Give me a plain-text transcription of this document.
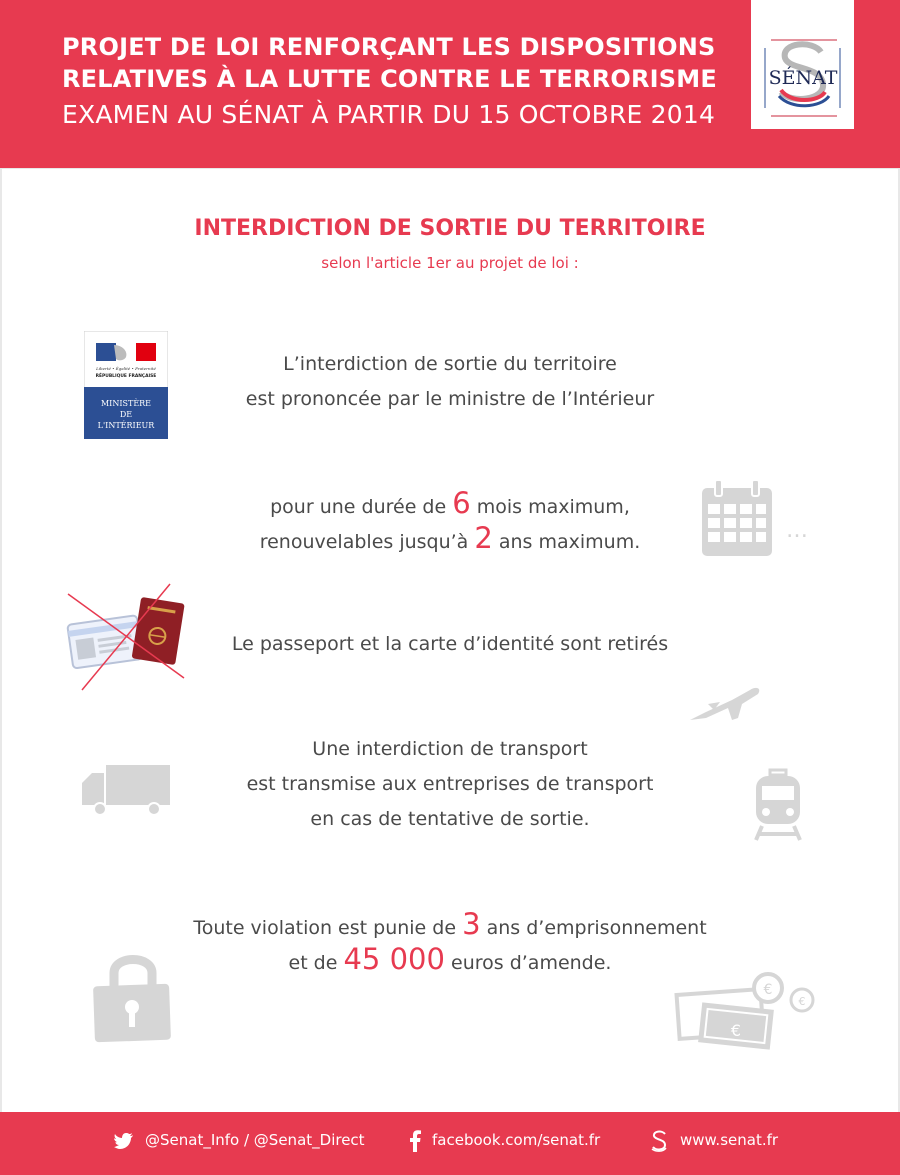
PROJET DE LOI RENFORÇANT LES DISPOSITIONS
RELATIVES À LA LUTTE CONTRE LE TERRORISME
EXAMEN AU SÉNAT À PARTIR DU 15 OCTOBRE 2014
SÉNAT
INTERDICTION DE SORTIE DU TERRITOIRE
selon l'article 1er au projet de loi :
Liberté • Égalité • Fraternité
RÉPUBLIQUE FRANÇAISE
MINISTÈRE
DE
L'INTÉRIEUR
L’interdiction de sortie du territoire
est prononcée par le ministre de l’Intérieur
pour une durée de 6 mois maximum,
renouvelables jusqu’à 2 ans maximum.	…
Le passeport et la carte d’identité sont retirés
Une interdiction de transport
est transmise aux entreprises de transport
en cas de tentative de sortie.
Toute violation est punie de 3 ans d’emprisonnement
et de 45 000 euros d’amende.
€
€
€
@Senat_Info / @Senat_Direct	facebook.com/senat.fr	www.senat.fr
